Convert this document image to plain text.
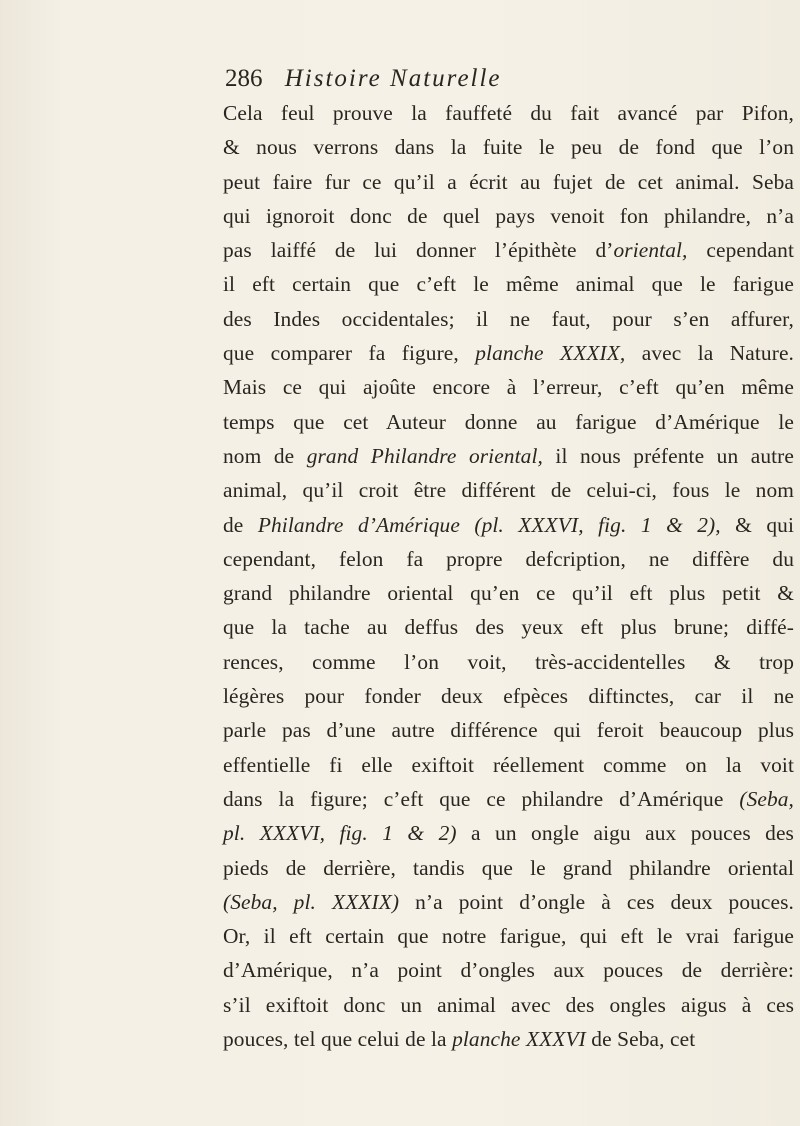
286 Histoire Naturelle
Cela feul prouve la fauffeté du fait avancé par Pifon,
& nous verrons dans la fuite le peu de fond que l’on
peut faire fur ce qu’il a écrit au fujet de cet animal. Seba
qui ignoroit donc de quel pays venoit fon philandre, n’a
pas laiffé de lui donner l’épithète d’oriental, cependant
il eft certain que c’eft le même animal que le farigue
des Indes occidentales; il ne faut, pour s’en affurer,
que comparer fa figure, planche XXXIX, avec la Nature.
Mais ce qui ajoûte encore à l’erreur, c’eft qu’en même
temps que cet Auteur donne au farigue d’Amérique le
nom de grand Philandre oriental, il nous préfente un autre
animal, qu’il croit être différent de celui-ci, fous le nom
de Philandre d’Amérique (pl. XXXVI, fig. 1 & 2), & qui
cependant, felon fa propre defcription, ne diffère du
grand philandre oriental qu’en ce qu’il eft plus petit &
que la tache au deffus des yeux eft plus brune; diffé-
rences, comme l’on voit, très-accidentelles & trop
légères pour fonder deux efpèces diftinctes, car il ne
parle pas d’une autre différence qui feroit beaucoup plus
effentielle fi elle exiftoit réellement comme on la voit
dans la figure; c’eft que ce philandre d’Amérique (Seba,
pl. XXXVI, fig. 1 & 2) a un ongle aigu aux pouces des
pieds de derrière, tandis que le grand philandre oriental
(Seba, pl. XXXIX) n’a point d’ongle à ces deux pouces.
Or, il eft certain que notre farigue, qui eft le vrai farigue
d’Amérique, n’a point d’ongles aux pouces de derrière:
s’il exiftoit donc un animal avec des ongles aigus à ces
pouces, tel que celui de la planche XXXVI de Seba, cet
